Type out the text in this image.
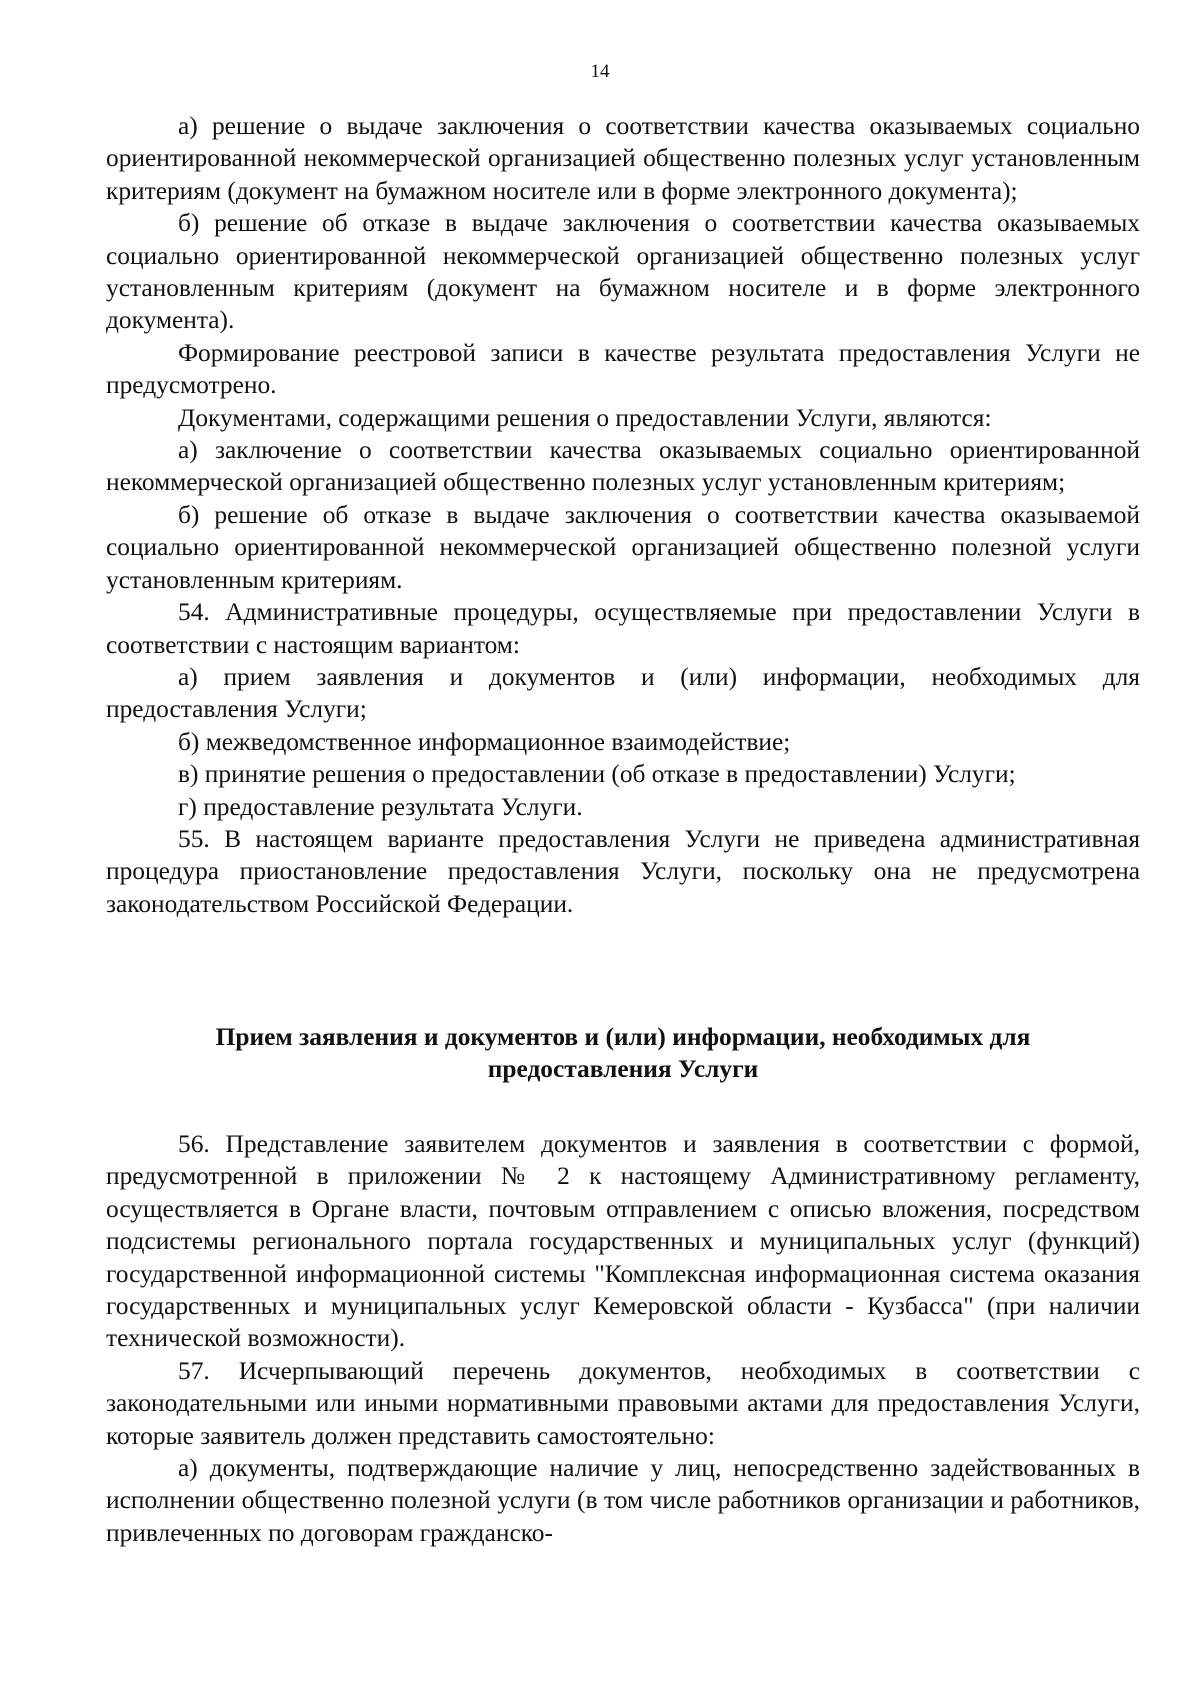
14

а) решение о выдаче заключения о соответствии качества оказываемых социально ориентированной некоммерческой организацией общественно полезных услуг установленным критериям (документ на бумажном носителе или в форме электронного документа);

б) решение об отказе в выдаче заключения о соответствии качества оказываемых социально ориентированной некоммерческой организацией общественно полезных услуг установленным критериям (документ на бумажном носителе и в форме электронного документа).

Формирование реестровой записи в качестве результата предоставления Услуги не предусмотрено.

Документами, содержащими решения о предоставлении Услуги, являются:

а) заключение о соответствии качества оказываемых социально ориентированной некоммерческой организацией общественно полезных услуг установленным критериям;

б) решение об отказе в выдаче заключения о соответствии качества оказываемой социально ориентированной некоммерческой организацией общественно полезной услуги установленным критериям.

54. Административные процедуры, осуществляемые при предоставлении Услуги в соответствии с настоящим вариантом:

а) прием заявления и документов и (или) информации, необходимых для предоставления Услуги;

б) межведомственное информационное взаимодействие;

в) принятие решения о предоставлении (об отказе в предоставлении) Услуги;

г) предоставление результата Услуги.

55. В настоящем варианте предоставления Услуги не приведена административная процедура приостановление предоставления Услуги, поскольку она не предусмотрена законодательством Российской Федерации.

Прием заявления и документов и (или) информации, необходимых для
предоставления Услуги

56. Представление заявителем документов и заявления в соответствии с формой, предусмотренной в приложении № 2 к настоящему Административному регламенту, осуществляется в Органе власти, почтовым отправлением с описью вложения, посредством подсистемы регионального портала государственных и муниципальных услуг (функций) государственной информационной системы "Комплексная информационная система оказания государственных и муниципальных услуг Кемеровской области - Кузбасса" (при наличии технической возможности).

57. Исчерпывающий перечень документов, необходимых в соответствии с законодательными или иными нормативными правовыми актами для предоставления Услуги, которые заявитель должен представить самостоятельно:

а) документы, подтверждающие наличие у лиц, непосредственно задействованных в исполнении общественно полезной услуги (в том числе работников организации и работников, привлеченных по договорам гражданско-
